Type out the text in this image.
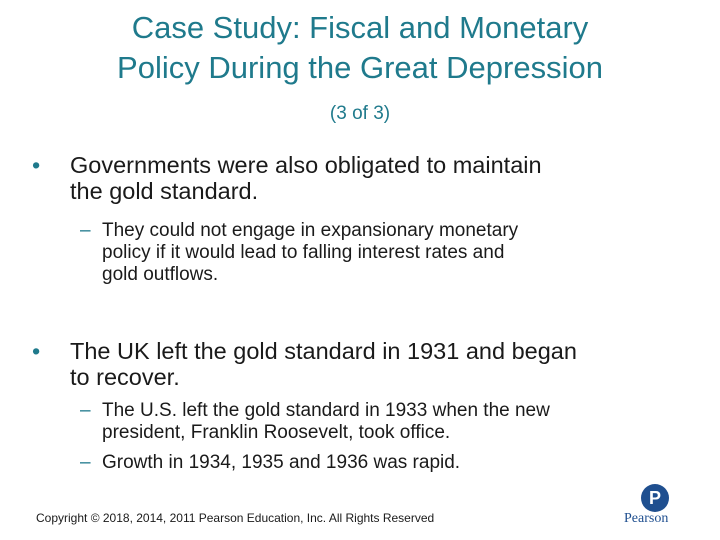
Case Study: Fiscal and Monetary
Policy During the Great Depression
(3 of 3)
•	Governments were also obligated to maintain
the gold standard.
– They could not engage in expansionary monetary
policy if it would lead to falling interest rates and
gold outflows.
•	The UK left the gold standard in 1931 and began
to recover.
– The U.S. left the gold standard in 1933 when the new
president, Franklin Roosevelt, took office.
– Growth in 1934, 1935 and 1936 was rapid.
Copyright © 2018, 2014, 2011 Pearson Education, Inc. All Rights Reserved
P
Pearson
